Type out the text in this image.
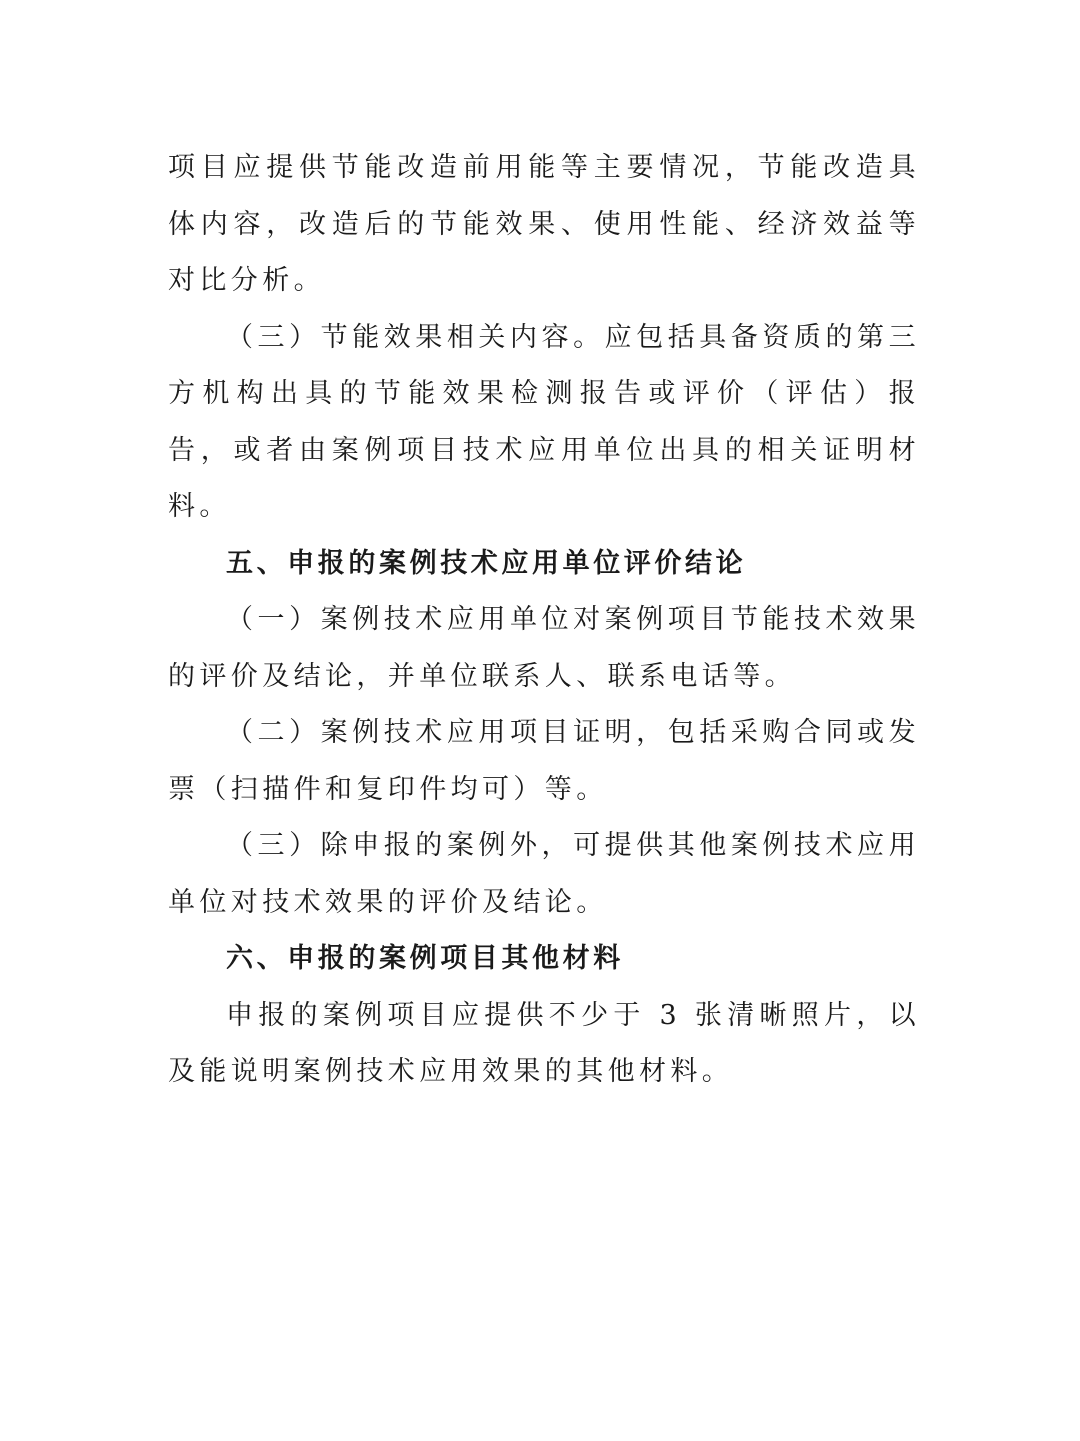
项目应提供节能改造前用能等主要情况，节能改造具体内容，改造后的节能效果、使用性能、经济效益等对比分析。

（三）节能效果相关内容。应包括具备资质的第三方机构出具的节能效果检测报告或评价（评估）报告，或者由案例项目技术应用单位出具的相关证明材料。

五、申报的案例技术应用单位评价结论

（一）案例技术应用单位对案例项目节能技术效果的评价及结论，并单位联系人、联系电话等。

（二）案例技术应用项目证明，包括采购合同或发票（扫描件和复印件均可）等。

（三）除申报的案例外，可提供其他案例技术应用单位对技术效果的评价及结论。

六、申报的案例项目其他材料

申报的案例项目应提供不少于 3 张清晰照片，以及能说明案例技术应用效果的其他材料。
